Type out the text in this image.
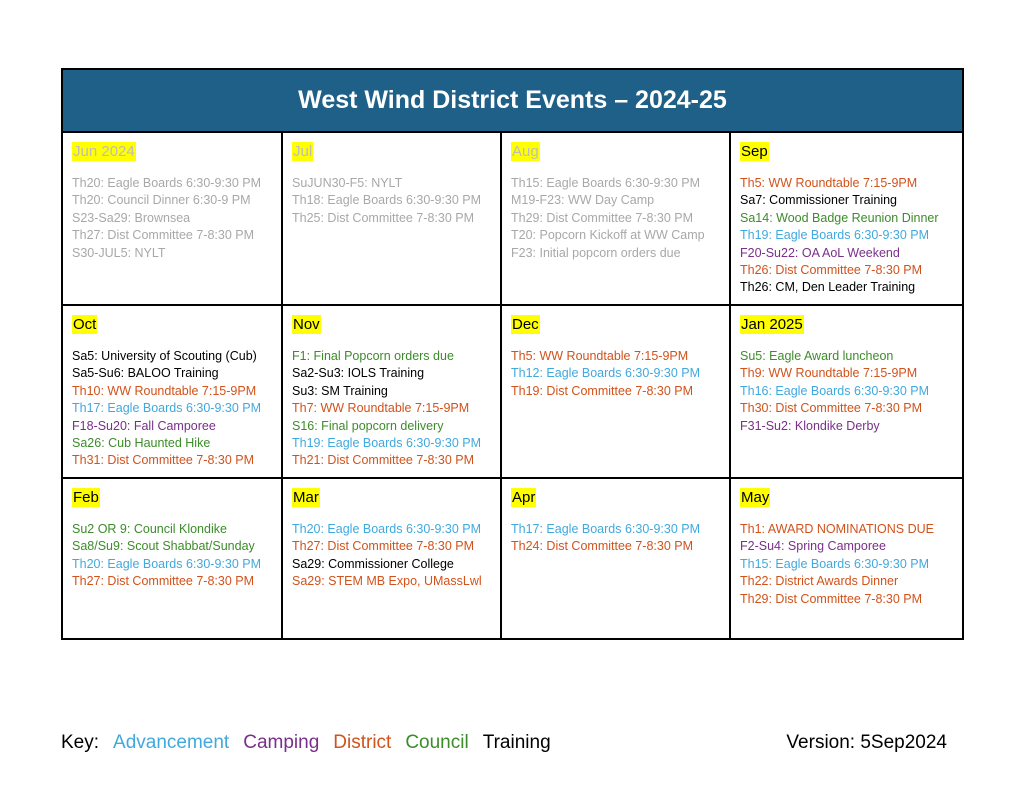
West Wind District Events – 2024-25
Jun 2024
Th20: Eagle Boards 6:30-9:30 PM
Th20: Council Dinner 6:30-9 PM
S23-Sa29: Brownsea
Th27: Dist Committee 7-8:30 PM
S30-JUL5: NYLT
Jul
SuJUN30-F5: NYLT
Th18: Eagle Boards 6:30-9:30 PM
Th25: Dist Committee 7-8:30 PM
Aug
Th15: Eagle Boards 6:30-9:30 PM
M19-F23: WW Day Camp
Th29: Dist Committee 7-8:30 PM
T20: Popcorn Kickoff at WW Camp
F23: Initial popcorn orders due
Sep
Th5: WW Roundtable 7:15-9PM
Sa7: Commissioner Training
Sa14: Wood Badge Reunion Dinner
Th19: Eagle Boards 6:30-9:30 PM
F20-Su22: OA AoL Weekend
Th26: Dist Committee 7-8:30 PM
Th26: CM, Den Leader Training
Oct
Sa5: University of Scouting (Cub)
Sa5-Su6: BALOO Training
Th10: WW Roundtable 7:15-9PM
Th17: Eagle Boards 6:30-9:30 PM
F18-Su20: Fall Camporee
Sa26: Cub Haunted Hike
Th31: Dist Committee 7-8:30 PM
Nov
F1: Final Popcorn orders due
Sa2-Su3: IOLS Training
Su3: SM Training
Th7: WW Roundtable 7:15-9PM
S16: Final popcorn delivery
Th19: Eagle Boards 6:30-9:30 PM
Th21: Dist Committee 7-8:30 PM
Dec
Th5: WW Roundtable 7:15-9PM
Th12: Eagle Boards 6:30-9:30 PM
Th19: Dist Committee 7-8:30 PM
Jan 2025
Su5: Eagle Award luncheon
Th9: WW Roundtable 7:15-9PM
Th16: Eagle Boards 6:30-9:30 PM
Th30: Dist Committee 7-8:30 PM
F31-Su2: Klondike Derby
Feb
Su2 OR 9: Council Klondike
Sa8/Su9: Scout Shabbat/Sunday
Th20: Eagle Boards 6:30-9:30 PM
Th27: Dist Committee 7-8:30 PM
Mar
Th20: Eagle Boards 6:30-9:30 PM
Th27: Dist Committee 7-8:30 PM
Sa29: Commissioner College
Sa29: STEM MB Expo, UMassLwl
Apr
Th17: Eagle Boards 6:30-9:30 PM
Th24: Dist Committee 7-8:30 PM
May
Th1: AWARD NOMINATIONS DUE
F2-Su4: Spring Camporee
Th15: Eagle Boards 6:30-9:30 PM
Th22: District Awards Dinner
Th29: Dist Committee 7-8:30 PM
Key: Advancement Camping District Council Training	Version: 5Sep2024
